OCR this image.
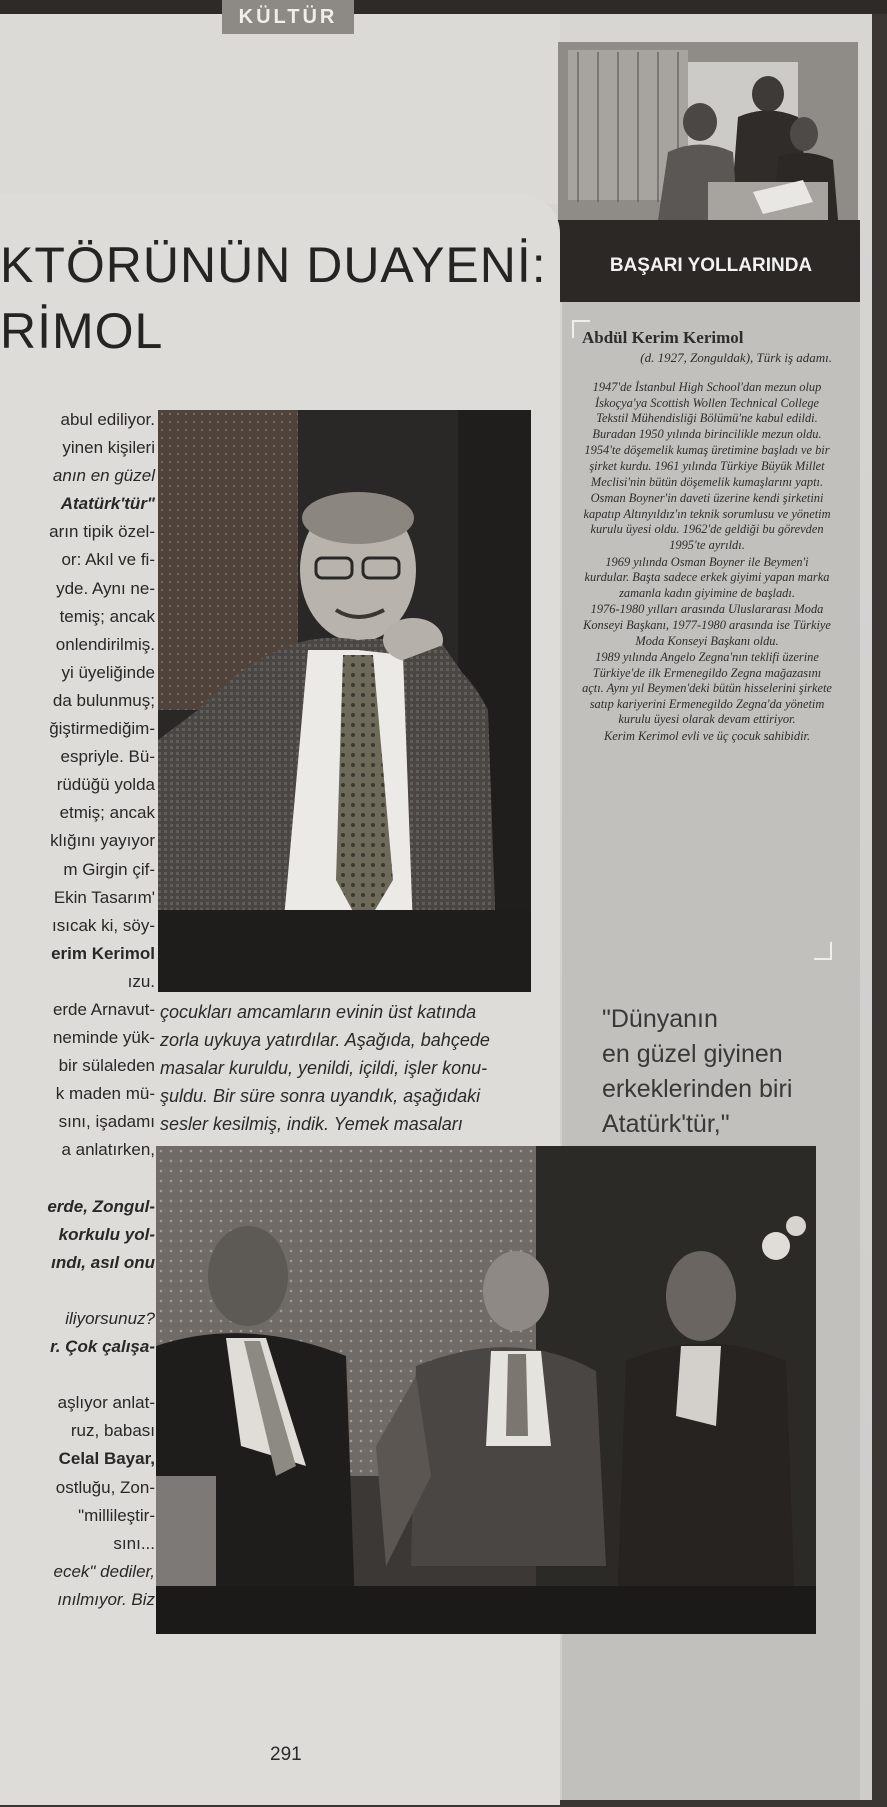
KÜLTÜR
BAŞARI YOLLARINDA
KTÖRÜNÜN DUAYENİ:
RİMOL
abul ediliyor.
yinen kişileri
anın en güzel
Atatürk'tür"
arın tipik özel-
or: Akıl ve fi-
yde. Aynı ne-
temiş; ancak
onlendirilmiş.
yi üyeliğinde
da bulunmuş;
ğiştirmediğim-
espriyle. Bü-
rüdüğü yolda
etmiş; ancak
klığını yayıyor
m Girgin çif-
Ekin Tasarım'
ısıcak ki, söy-
erim Kerimol
ızu.
erde Arnavut-
neminde yük-
bir sülaleden
k maden mü-
sını, işadamı
a anlatırken,

erde, Zongul-
korkulu yol-
ındı, asıl onu

iliyorsunuz?
r. Çok çalışa-

aşlıyor anlat-
ruz, babası
Celal Bayar,
ostluğu, Zon-
"millileştir-
sını...
ecek" dediler,
ınılmıyor. Biz
çocukları amcamların evinin üst katında
zorla uykuya yatırdılar. Aşağıda, bahçede
masalar kuruldu, yenildi, içildi, işler konu-
şuldu. Bir süre sonra uyandık, aşağıdaki
sesler kesilmiş, indik. Yemek masaları
"Dünyanın
en güzel giyinen
erkeklerinden biri
Atatürk'tür,"
Abdül Kerim Kerimol
(d. 1927, Zonguldak), Türk iş adamı.

1947'de İstanbul High School'dan mezun olup İskoçya'ya Scottish Wollen Technical College Tekstil Mühendisliği Bölümü'ne kabul edildi. Buradan 1950 yılında birincilikle mezun oldu.

1954'te döşemelik kumaş üretimine başladı ve bir şirket kurdu. 1961 yılında Türkiye Büyük Millet Meclisi'nin bütün döşemelik kumaşlarını yaptı.

Osman Boyner'in daveti üzerine kendi şirketini kapatıp Altınyıldız'ın teknik sorumlusu ve yönetim kurulu üyesi oldu. 1962'de geldiği bu görevden 1995'te ayrıldı.

1969 yılında Osman Boyner ile Beymen'i kurdular. Başta sadece erkek giyimi yapan marka zamanla kadın giyimine de başladı.

1976-1980 yılları arasında Uluslararası Moda Konseyi Başkanı, 1977-1980 arasında ise Türkiye Moda Konseyi Başkanı oldu.

1989 yılında Angelo Zegna'nın teklifi üzerine Türkiye'de ilk Ermenegildo Zegna mağazasını açtı. Aynı yıl Beymen'deki bütün hisselerini şirkete satıp kariyerini Ermenegildo Zegna'da yönetim kurulu üyesi olarak devam ettiriyor.

Kerim Kerimol evli ve üç çocuk sahibidir.

291
